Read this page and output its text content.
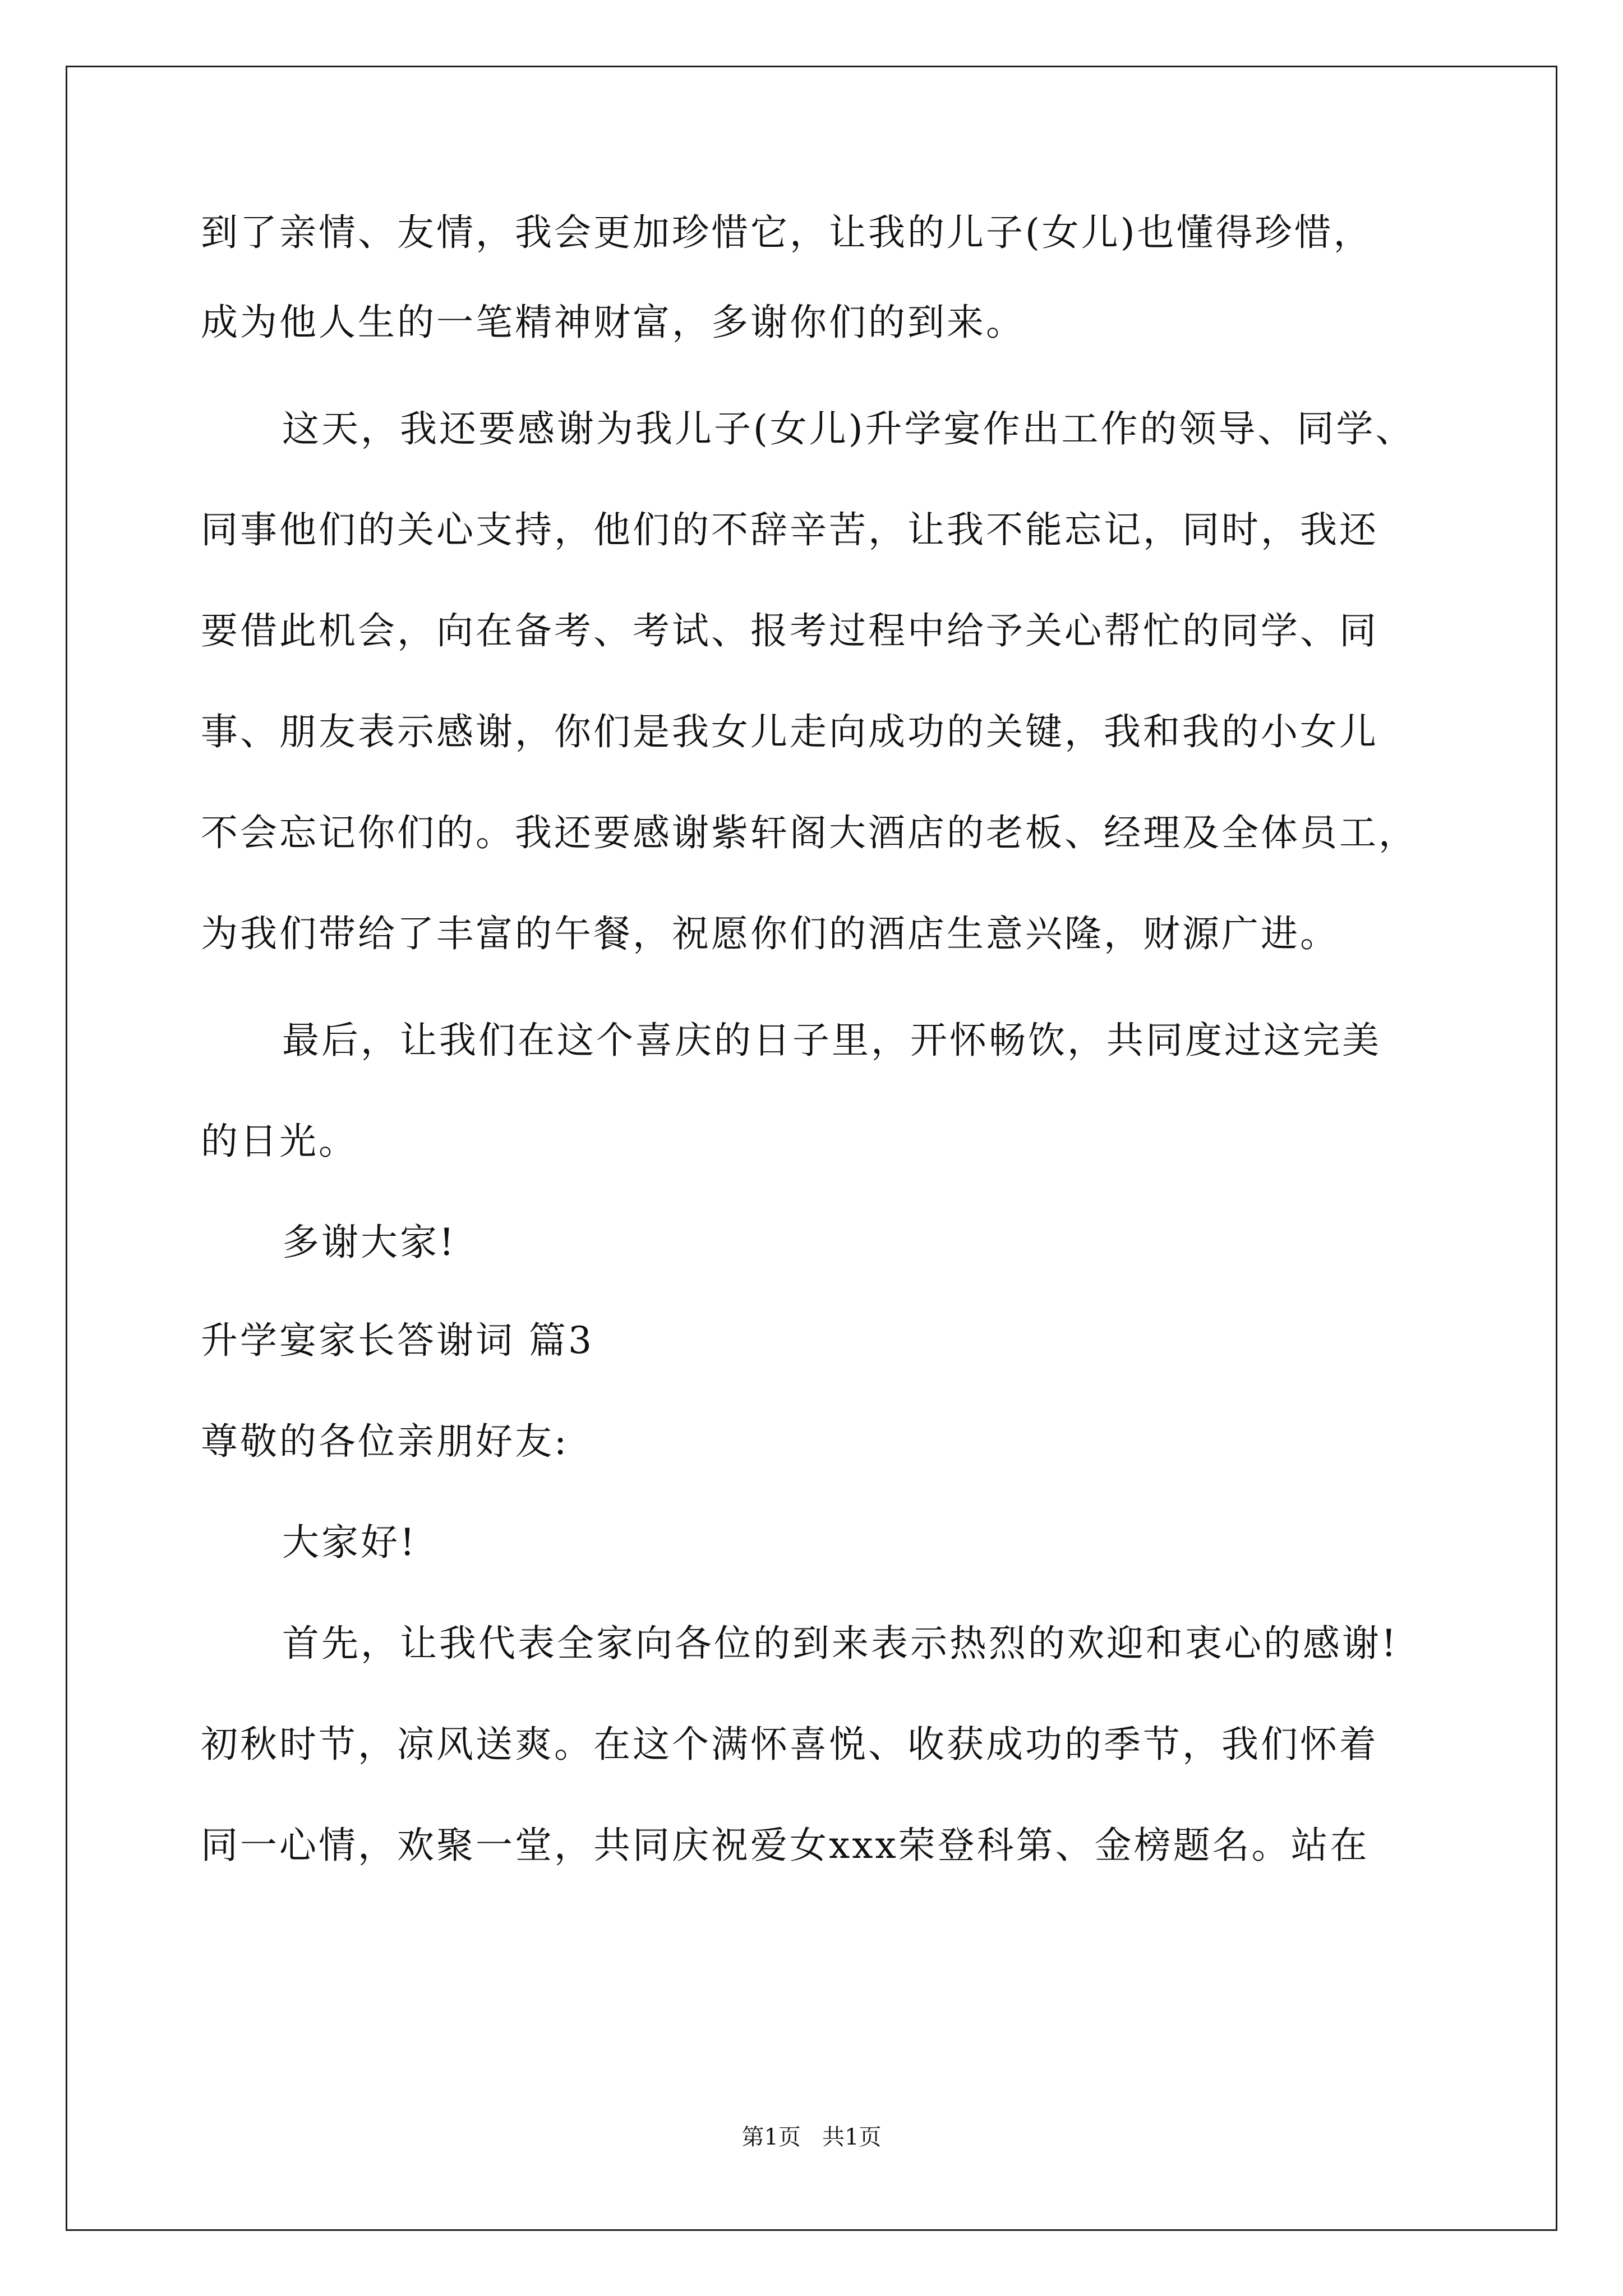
到了亲情、友情，我会更加珍惜它，让我的儿子(女儿)也懂得珍惜，
成为他人生的一笔精神财富，多谢你们的到来。
这天，我还要感谢为我儿子(女儿)升学宴作出工作的领导、同学、
同事他们的关心支持，他们的不辞辛苦，让我不能忘记，同时，我还
要借此机会，向在备考、考试、报考过程中给予关心帮忙的同学、同
事、朋友表示感谢，你们是我女儿走向成功的关键，我和我的小女儿
不会忘记你们的。我还要感谢紫轩阁大酒店的老板、经理及全体员工，
为我们带给了丰富的午餐，祝愿你们的酒店生意兴隆，财源广进。
最后，让我们在这个喜庆的日子里，开怀畅饮，共同度过这完美
的日光。
多谢大家!
升学宴家长答谢词 篇3
尊敬的各位亲朋好友:
大家好!
首先，让我代表全家向各位的到来表示热烈的欢迎和衷心的感谢!
初秋时节，凉风送爽。在这个满怀喜悦、收获成功的季节，我们怀着
同一心情，欢聚一堂，共同庆祝爱女xxx荣登科第、金榜题名。站在
第1页   共1页
